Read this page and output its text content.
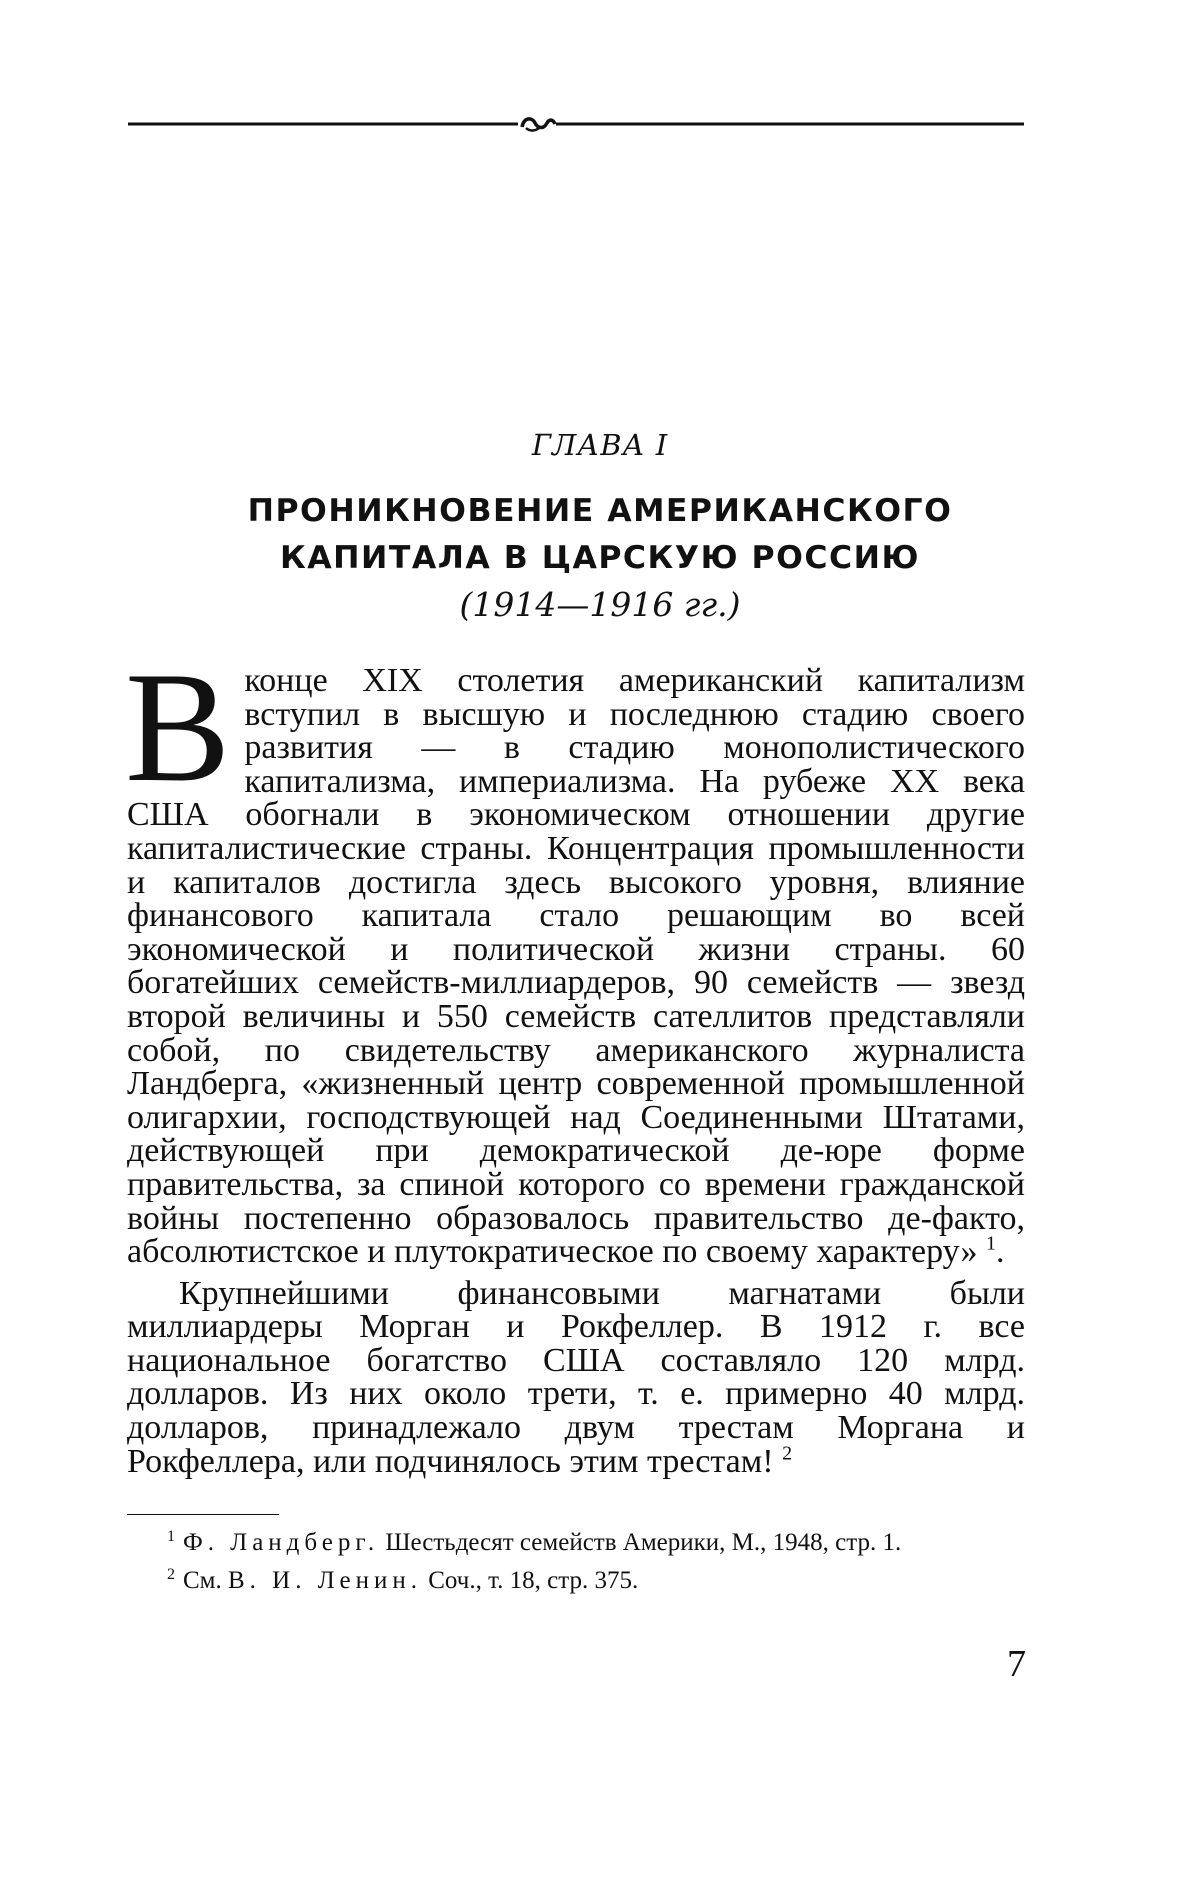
ГЛАВА I
ПРОНИКНОВЕНИЕ АМЕРИКАНСКОГО
КАПИТАЛА В ЦАРСКУЮ РОССИЮ
(1914—1916 гг.)

Вконце XIX столетия американский капитализм вступил в высшую и последнюю стадию своего развития — в стадию монополистического капитализма, империализма. На рубеже XX века США обогнали в экономическом отношении другие капиталистические страны. Концентрация промышленности и капиталов достигла здесь высокого уровня, влияние финансового капитала стало решающим во всей экономической и политической жизни страны. 60 богатейших семейств-миллиардеров, 90 семейств — звезд второй величины и 550 семейств сателлитов представляли собой, по свидетельству американского журналиста Ландберга, «жизненный центр современной промышленной олигархии, господствующей над Соединенными Штатами, действующей при демократической де-юре форме правительства, за спиной которого со времени гражданской войны постепенно образовалось правительство де-факто, абсолютистское и плутократическое по своему характеру» $^1$.

Крупнейшими финансовыми магнатами были миллиардеры Морган и Рокфеллер. В 1912 г. все национальное богатство США составляло 120 млрд. долларов. Из них около трети, т. е. примерно 40 млрд. долларов, принадлежало двум трестам Моргана и Рокфеллера, или подчинялось этим трестам! $^2$

$^1$ Ф. Ландберг. Шестьдесят семейств Америки, М., 1948, стр. 1.

$^2$ См. В. И. Ленин. Соч., т. 18, стр. 375.

7
